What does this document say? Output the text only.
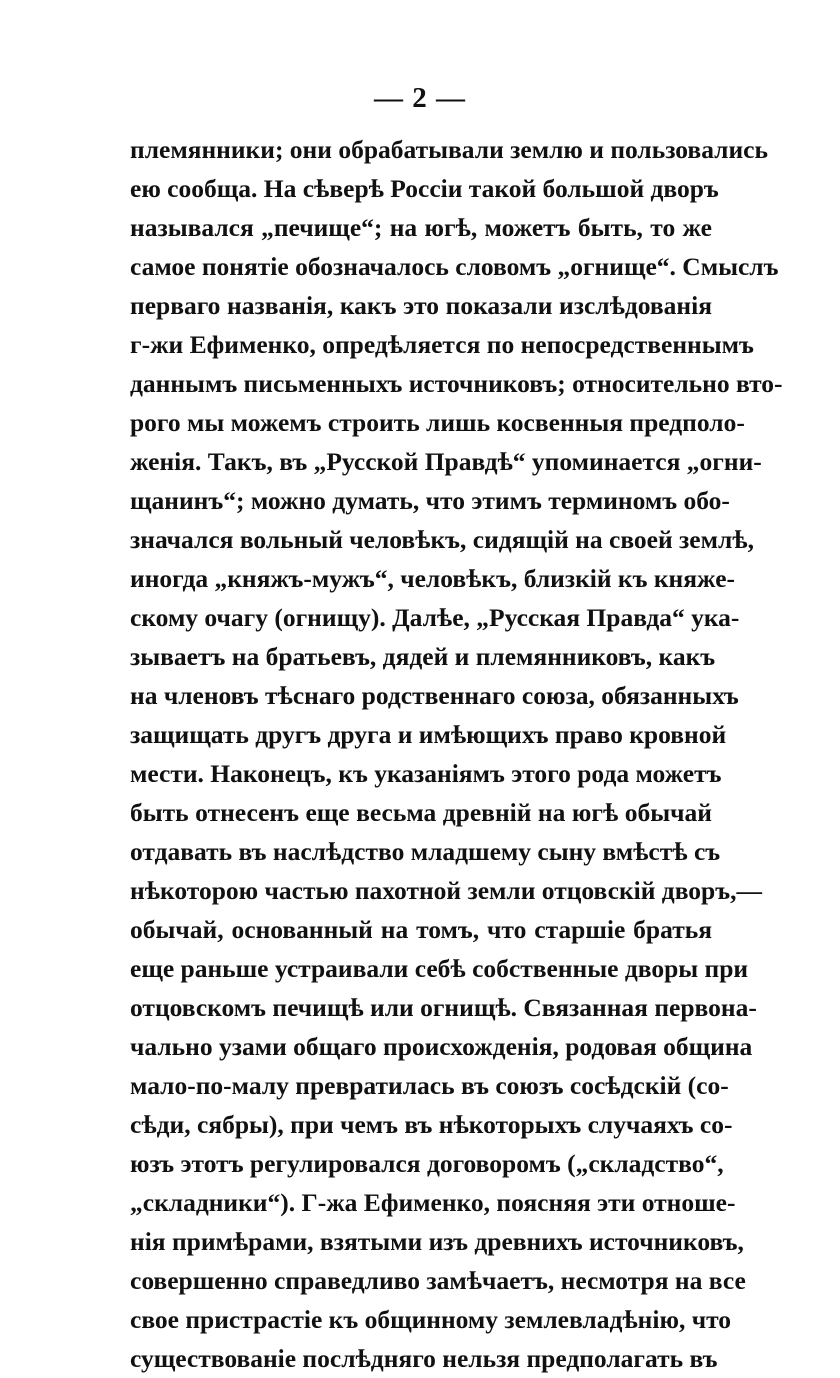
— 2 —
племянники; они обрабатывали землю и пользовались
ею сообща. На сѣверѣ Россіи такой большой дворъ
назывался „печище“; на югѣ, можетъ быть, то же
самое понятіе обозначалось словомъ „огнище“. Смыслъ
перваго названія, какъ это показали изслѣдованія
г-жи Ефименко, опредѣляется по непосредственнымъ
даннымъ письменныхъ источниковъ; относительно вто-
рого мы можемъ строить лишь косвенныя предполо-
женія. Такъ, въ „Русской Правдѣ“ упоминается „огни-
щанинъ“; можно думать, что этимъ терминомъ обо-
значался вольный человѣкъ, сидящій на своей землѣ,
иногда „княжъ-мужъ“, человѣкъ, близкій къ княже-
скому очагу (огнищу). Далѣе, „Русская Правда“ ука-
зываетъ на братьевъ, дядей и племянниковъ, какъ
на членовъ тѣснаго родственнаго союза, обязанныхъ
защищать другъ друга и имѣющихъ право кровной
мести. Наконецъ, къ указаніямъ этого рода можетъ
быть отнесенъ еще весьма древній на югѣ обычай
отдавать въ наслѣдство младшему сыну вмѣстѣ съ
нѣкоторою частью пахотной земли отцовскій дворъ,—
обычай, основанный на томъ, что старшіе братья
еще раньше устраивали себѣ собственные дворы при
отцовскомъ печищѣ или огнищѣ. Связанная первона-
чально узами общаго происхожденія, родовая община
мало-по-малу превратилась въ союзъ сосѣдскій (со-
сѣди, сябры), при чемъ въ нѣкоторыхъ случаяхъ со-
юзъ этотъ регулировался договоромъ („складство“,
„складники“). Г-жа Ефименко, поясняя эти отноше-
нія примѣрами, взятыми изъ древнихъ источниковъ,
совершенно справедливо замѣчаетъ, несмотря на все
свое пристрастіе къ общинному землевладѣнію, что
существованіе послѣдняго нельзя предполагать въ
